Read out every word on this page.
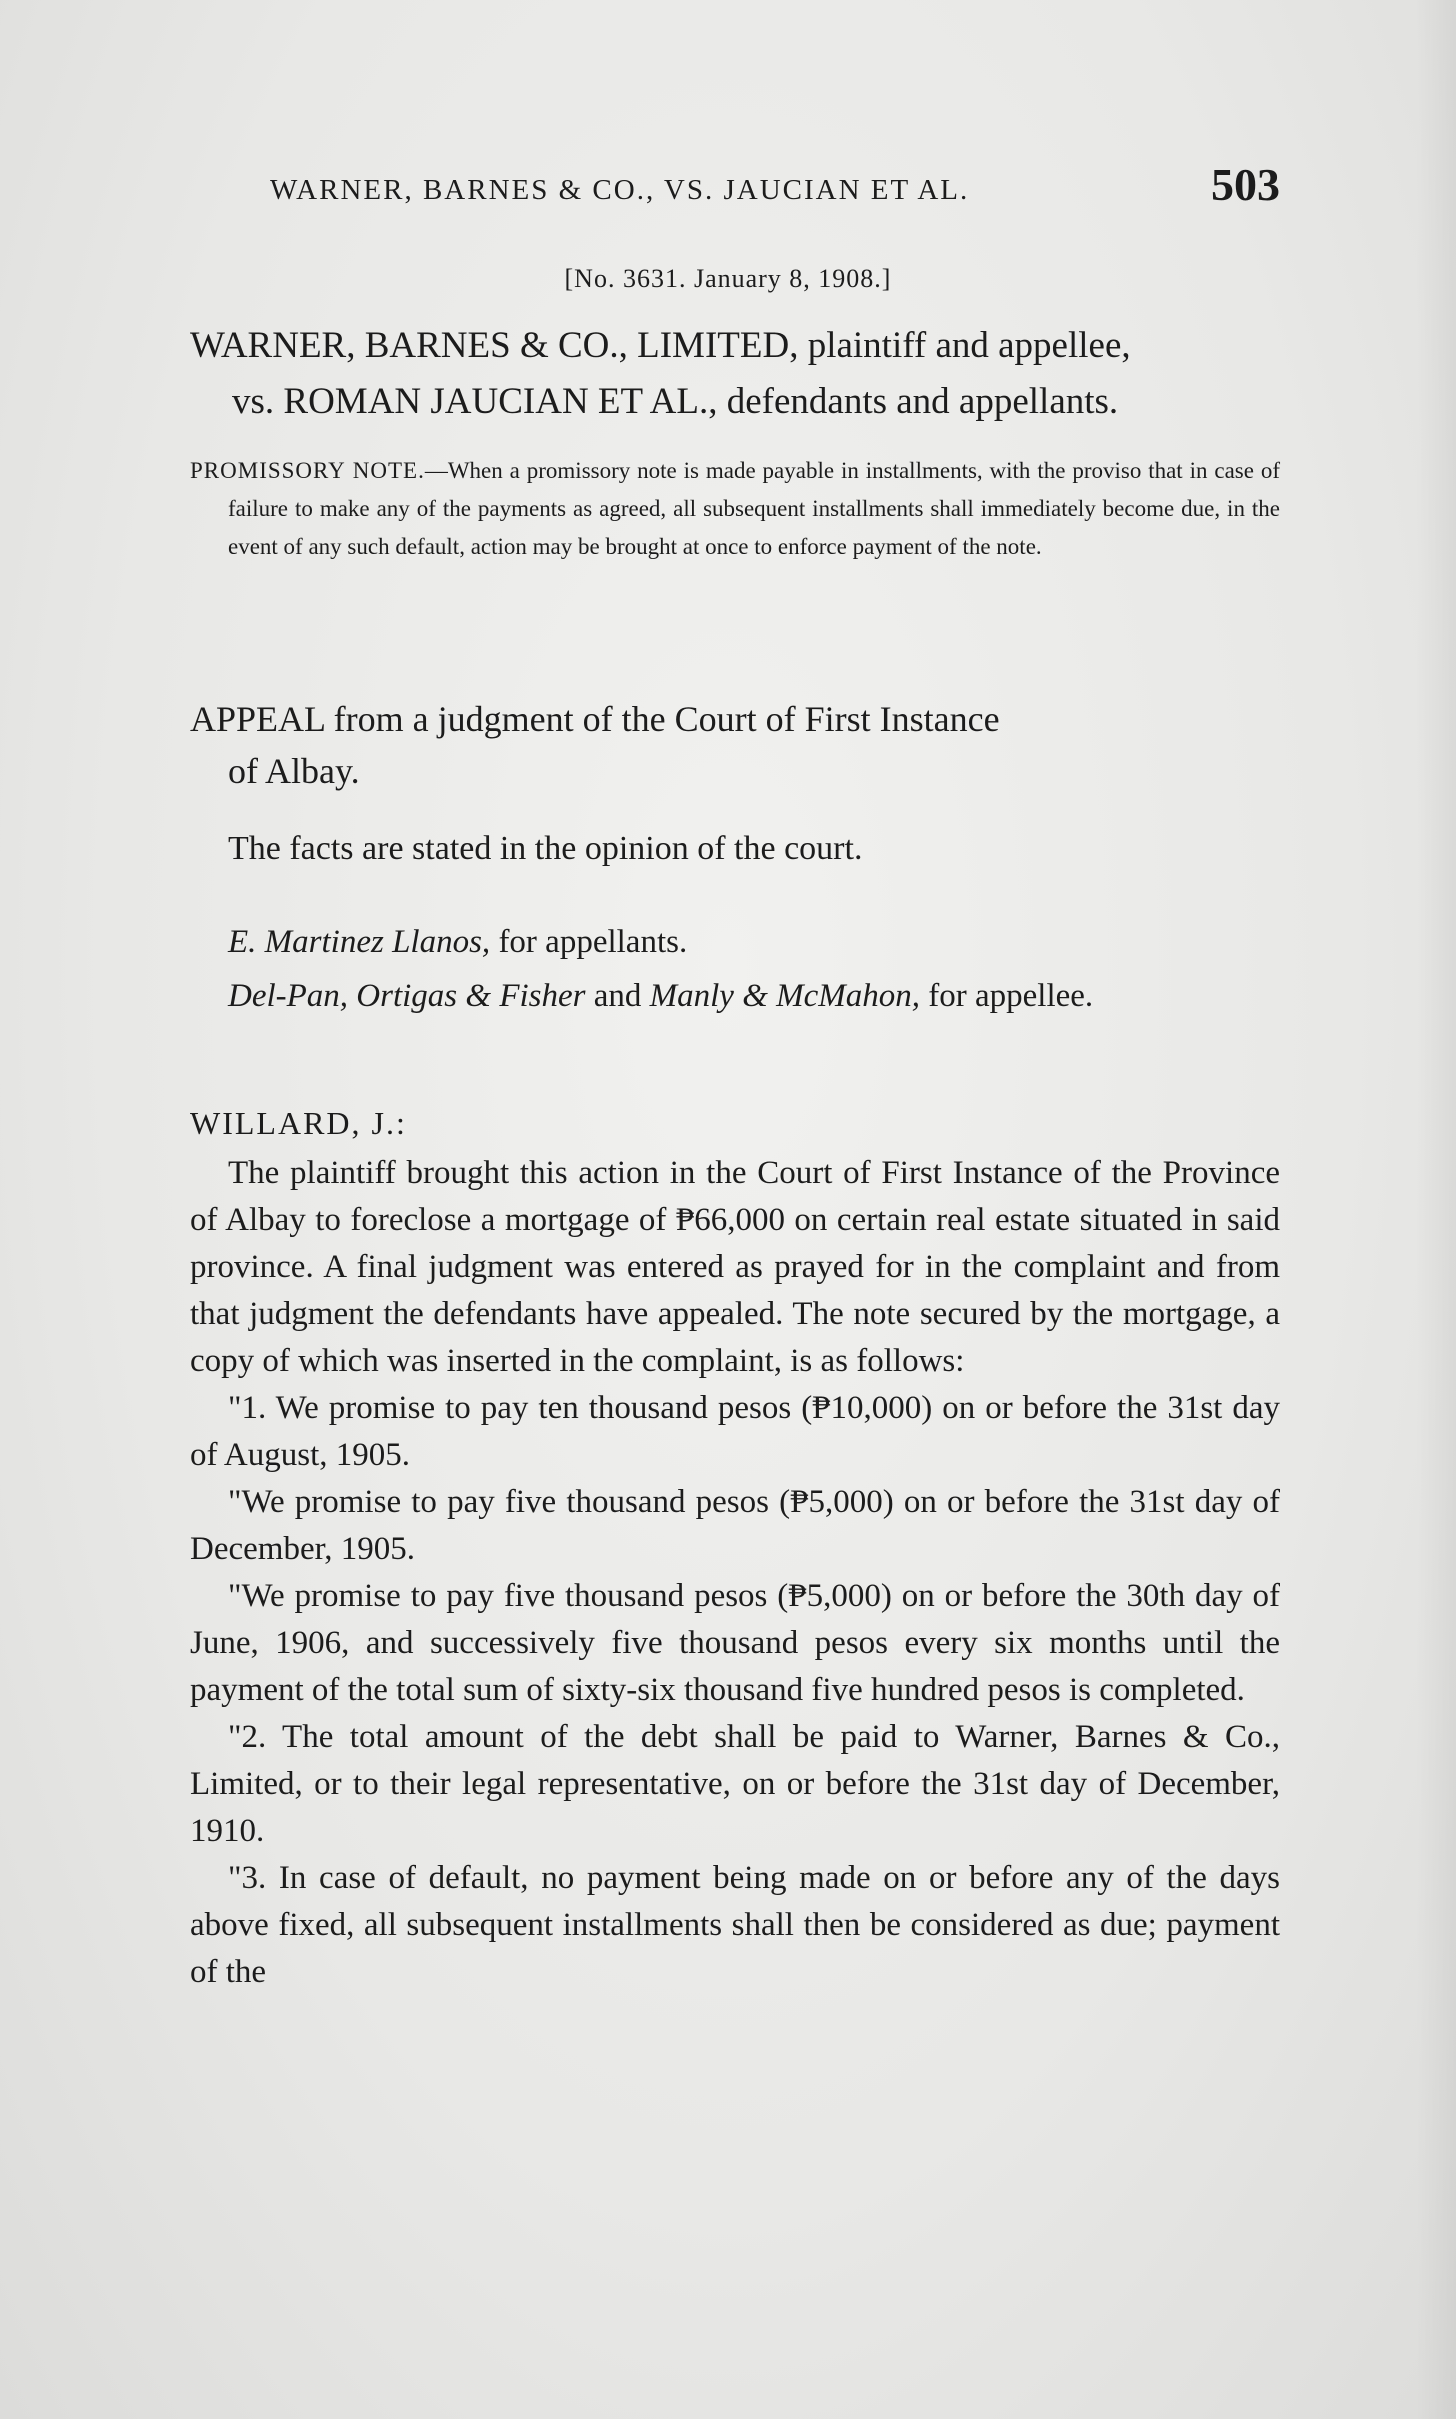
WARNER, BARNES & CO., VS. JAUCIAN ET AL.	503
[No. 3631. January 8, 1908.]
WARNER, BARNES & CO., LIMITED, plaintiff and appellee,
vs. ROMAN JAUCIAN ET AL., defendants and appellants.
PROMISSORY NOTE.—When a promissory note is made payable in installments, with the proviso that in case of failure to make any of the payments as agreed, all subsequent installments shall immediately become due, in the event of any such default, action may be brought at once to enforce payment of the note.
APPEAL from a judgment of the Court of First Instance
of Albay.
The facts are stated in the opinion of the court.
E. Martinez Llanos, for appellants.
Del-Pan, Ortigas & Fisher and Manly & McMahon, for appellee.
WILLARD, J.:

The plaintiff brought this action in the Court of First Instance of the Province of Albay to foreclose a mortgage of ₱66,000 on certain real estate situated in said province. A final judgment was entered as prayed for in the complaint and from that judgment the defendants have appealed. The note secured by the mortgage, a copy of which was inserted in the complaint, is as follows:

"1. We promise to pay ten thousand pesos (₱10,000) on or before the 31st day of August, 1905.

"We promise to pay five thousand pesos (₱5,000) on or before the 31st day of December, 1905.

"We promise to pay five thousand pesos (₱5,000) on or before the 30th day of June, 1906, and successively five thousand pesos every six months until the payment of the total sum of sixty-six thousand five hundred pesos is completed.

"2. The total amount of the debt shall be paid to Warner, Barnes & Co., Limited, or to their legal representative, on or before the 31st day of December, 1910.

"3. In case of default, no payment being made on or before any of the days above fixed, all subsequent installments shall then be considered as due; payment of the
